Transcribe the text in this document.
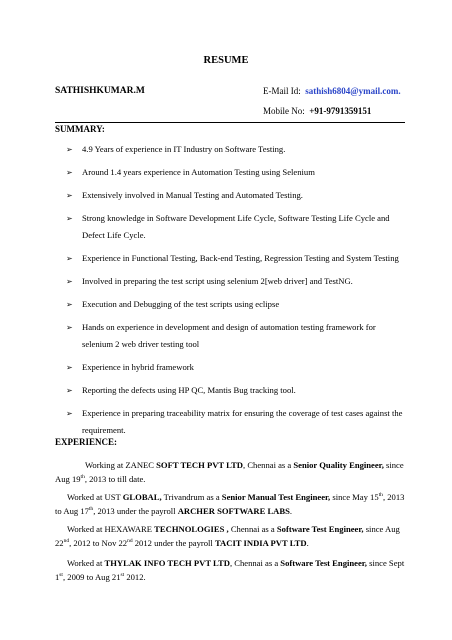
RESUME
SATHISHKUMAR.M	E-Mail Id: sathish6804@ymail.com.
Mobile No: +91-9791359151
SUMMARY:
➢ 4.9 Years of experience in IT Industry on Software Testing.
➢ Around 1.4 years experience in Automation Testing using Selenium
➢ Extensively involved in Manual Testing and Automated Testing.
➢ Strong knowledge in Software Development Life Cycle, Software Testing Life Cycle and
Defect Life Cycle.
➢ Experience in Functional Testing, Back-end Testing, Regression Testing and System Testing
➢ Involved in preparing the test script using selenium 2[web driver] and TestNG.
➢ Execution and Debugging of the test scripts using eclipse
➢ Hands on experience in development and design of automation testing framework for
selenium 2 web driver testing tool
➢ Experience in hybrid framework
➢ Reporting the defects using HP QC, Mantis Bug tracking tool.
➢ Experience in preparing traceability matrix for ensuring the coverage of test cases against the
requirement.
EXPERIENCE:
Working at ZANEC SOFT TECH PVT LTD, Chennai as a Senior Quality Engineer, since
Aug 19th, 2013 to till date.
Worked at UST GLOBAL, Trivandrum as a Senior Manual Test Engineer, since May 15th, 2013
to Aug 17th, 2013 under the payroll ARCHER SOFTWARE LABS.
Worked at HEXAWARE TECHNOLOGIES , Chennai as a Software Test Engineer, since Aug
22nd, 2012 to Nov 22nd 2012 under the payroll TACIT INDIA PVT LTD.
Worked at THYLAK INFO TECH PVT LTD, Chennai as a Software Test Engineer, since Sept
1st, 2009 to Aug 21st 2012.
